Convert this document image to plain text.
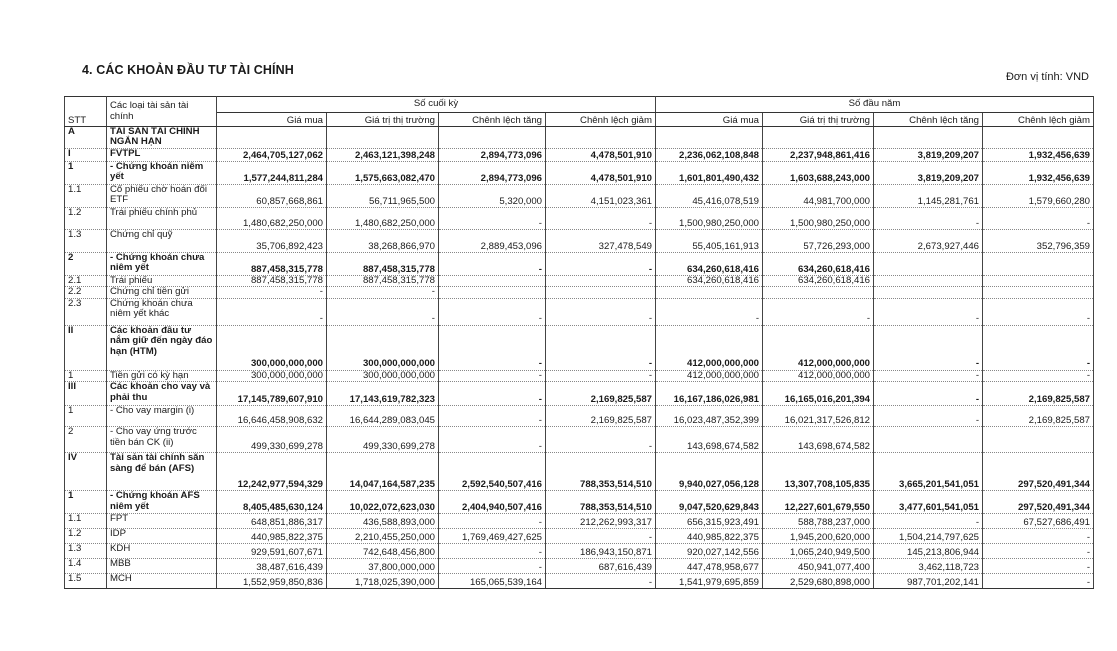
4. CÁC KHOẢN ĐẦU TƯ TÀI CHÍNH	Đơn vị tính: VND
STT	Các loại tài sản tài chính	Số cuối kỳ				Số đầu năm			
		Giá mua	Giá trị thị trường	Chênh lệch tăng	Chênh lệch giảm	Giá mua	Giá trị thị trường	Chênh lệch tăng	Chênh lệch giảm
A	TÀI SẢN TÀI CHÍNH NGẮN HẠN								
I	FVTPL	2,464,705,127,062	2,463,121,398,248	2,894,773,096	4,478,501,910	2,236,062,108,848	2,237,948,861,416	3,819,209,207	1,932,456,639
1	- Chứng khoán niêm yết	1,577,244,811,284	1,575,663,082,470	2,894,773,096	4,478,501,910	1,601,801,490,432	1,603,688,243,000	3,819,209,207	1,932,456,639
1.1	Cổ phiếu chờ hoán đổi ETF	60,857,668,861	56,711,965,500	5,320,000	4,151,023,361	45,416,078,519	44,981,700,000	1,145,281,761	1,579,660,280
1.2	Trái phiếu chính phủ	1,480,682,250,000	1,480,682,250,000	-	-	1,500,980,250,000	1,500,980,250,000	-	-
1.3	Chứng chỉ quỹ	35,706,892,423	38,268,866,970	2,889,453,096	327,478,549	55,405,161,913	57,726,293,000	2,673,927,446	352,796,359
2	- Chứng khoán chưa niêm yết	887,458,315,778	887,458,315,778	-	-	634,260,618,416	634,260,618,416		
2.1	Trái phiếu	887,458,315,778	887,458,315,778			634,260,618,416	634,260,618,416		
2.2	Chứng chỉ tiền gửi	-	-						
2.3	Chứng khoán chưa niêm yết khác	-	-	-	-	-	-	-	-
II	Các khoản đầu tư nắm giữ đến ngày đáo hạn (HTM)	300,000,000,000	300,000,000,000	-	-	412,000,000,000	412,000,000,000	-	-
1	Tiền gửi có kỳ hạn	300,000,000,000	300,000,000,000	-	-	412,000,000,000	412,000,000,000	-	-
III	Các khoản cho vay và phải thu	17,145,789,607,910	17,143,619,782,323	-	2,169,825,587	16,167,186,026,981	16,165,016,201,394	-	2,169,825,587
1	- Cho vay margin (i)	16,646,458,908,632	16,644,289,083,045	-	2,169,825,587	16,023,487,352,399	16,021,317,526,812	-	2,169,825,587
2	- Cho vay ứng trước tiền bán CK (ii)	499,330,699,278	499,330,699,278	-	-	143,698,674,582	143,698,674,582		
IV	Tài sản tài chính sẵn sàng để bán (AFS)	12,242,977,594,329	14,047,164,587,235	2,592,540,507,416	788,353,514,510	9,940,027,056,128	13,307,708,105,835	3,665,201,541,051	297,520,491,344
1	- Chứng khoán AFS niêm yết	8,405,485,630,124	10,022,072,623,030	2,404,940,507,416	788,353,514,510	9,047,520,629,843	12,227,601,679,550	3,477,601,541,051	297,520,491,344
1.1	FPT	648,851,886,317	436,588,893,000	-	212,262,993,317	656,315,923,491	588,788,237,000	-	67,527,686,491
1.2	IDP	440,985,822,375	2,210,455,250,000	1,769,469,427,625	-	440,985,822,375	1,945,200,620,000	1,504,214,797,625	-
1.3	KDH	929,591,607,671	742,648,456,800	-	186,943,150,871	920,027,142,556	1,065,240,949,500	145,213,806,944	-
1.4	MBB	38,487,616,439	37,800,000,000	-	687,616,439	447,478,958,677	450,941,077,400	3,462,118,723	-
1.5	MCH	1,552,959,850,836	1,718,025,390,000	165,065,539,164	-	1,541,979,695,859	2,529,680,898,000	987,701,202,141	-
